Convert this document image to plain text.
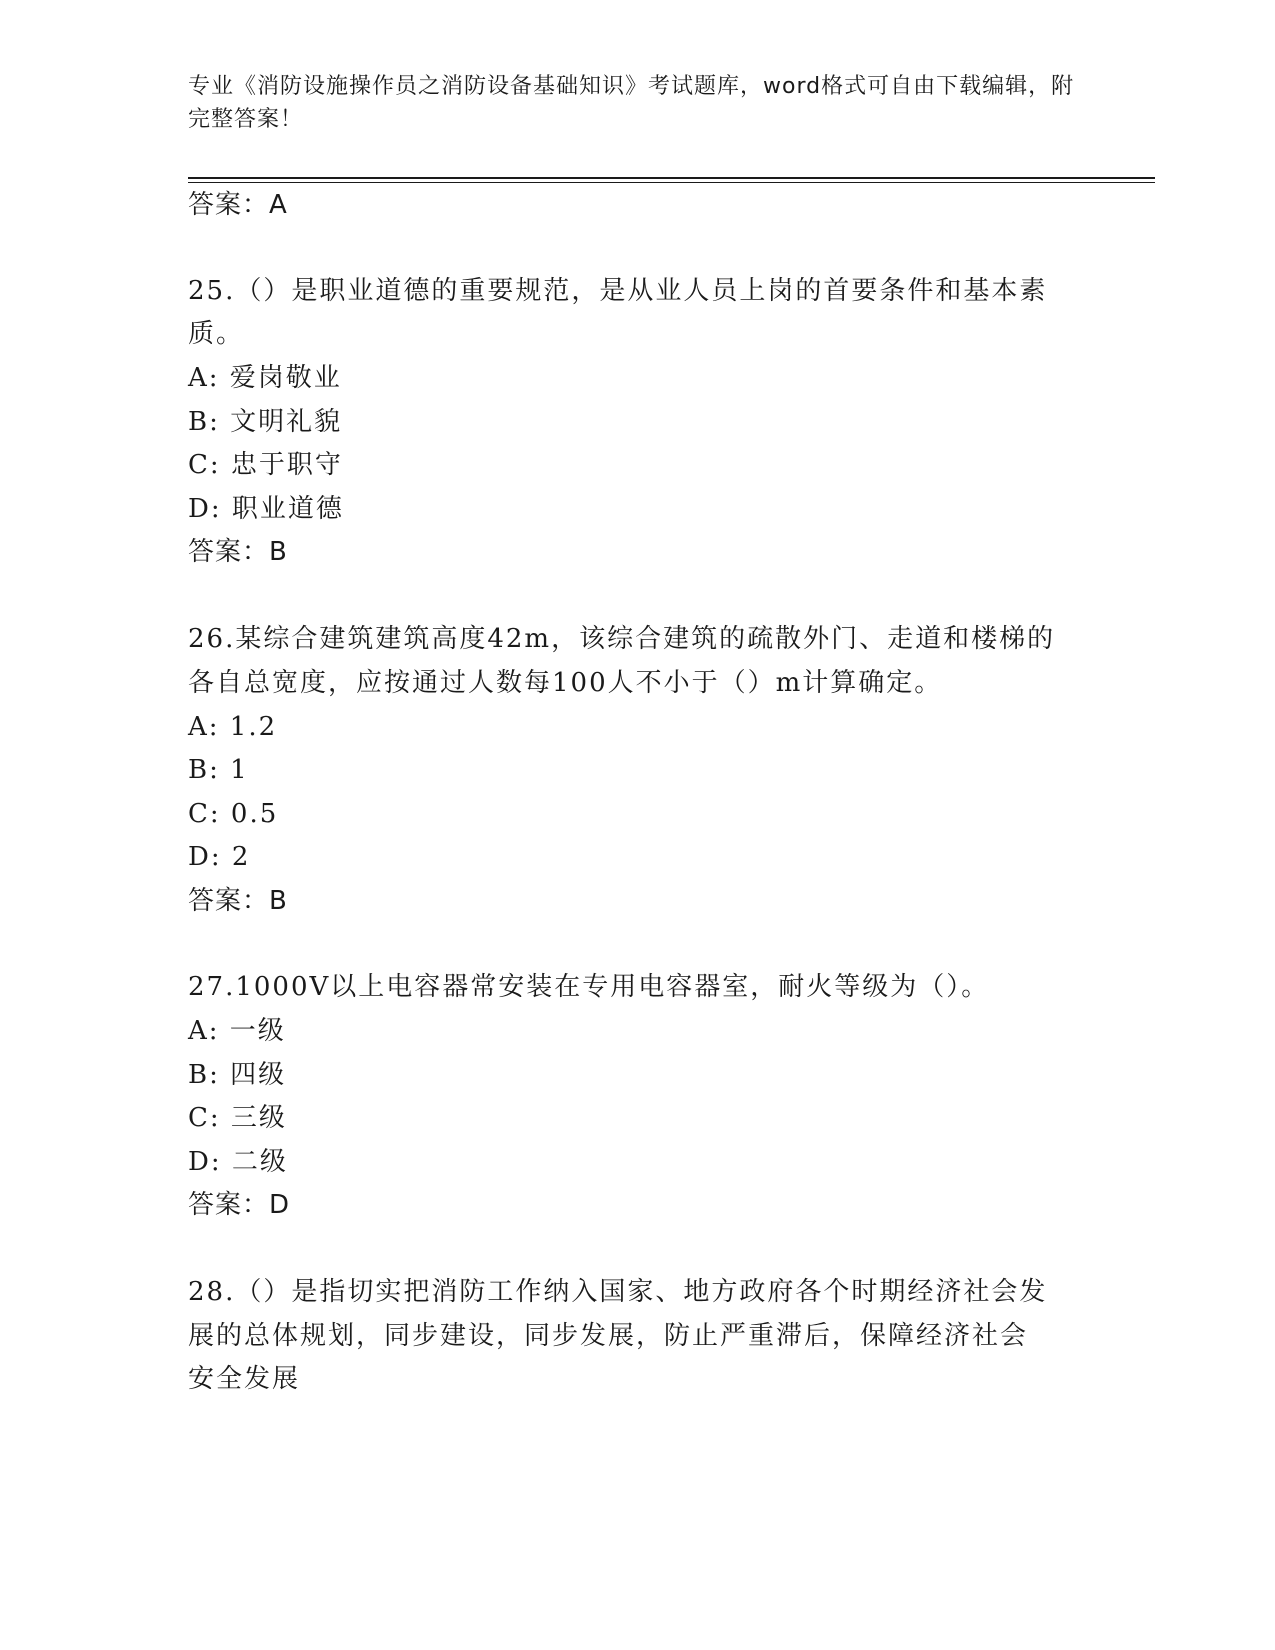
专业《消防设施操作员之消防设备基础知识》考试题库，word格式可自由下载编辑，附完整答案！
答案：A
25.（）是职业道德的重要规范，是从业人员上岗的首要条件和基本素
质。
A: 爱岗敬业
B: 文明礼貌
C: 忠于职守
D: 职业道德
答案：B
26.某综合建筑建筑高度42m，该综合建筑的疏散外门、走道和楼梯的
各自总宽度，应按通过人数每100人不小于（）m计算确定。
A: 1.2
B: 1
C: 0.5
D: 2
答案：B
27.1000V以上电容器常安装在专用电容器室，耐火等级为（）。
A: 一级
B: 四级
C: 三级
D: 二级
答案：D
28.（）是指切实把消防工作纳入国家、地方政府各个时期经济社会发
展的总体规划，同步建设，同步发展，防止严重滞后，保障经济社会
安全发展
